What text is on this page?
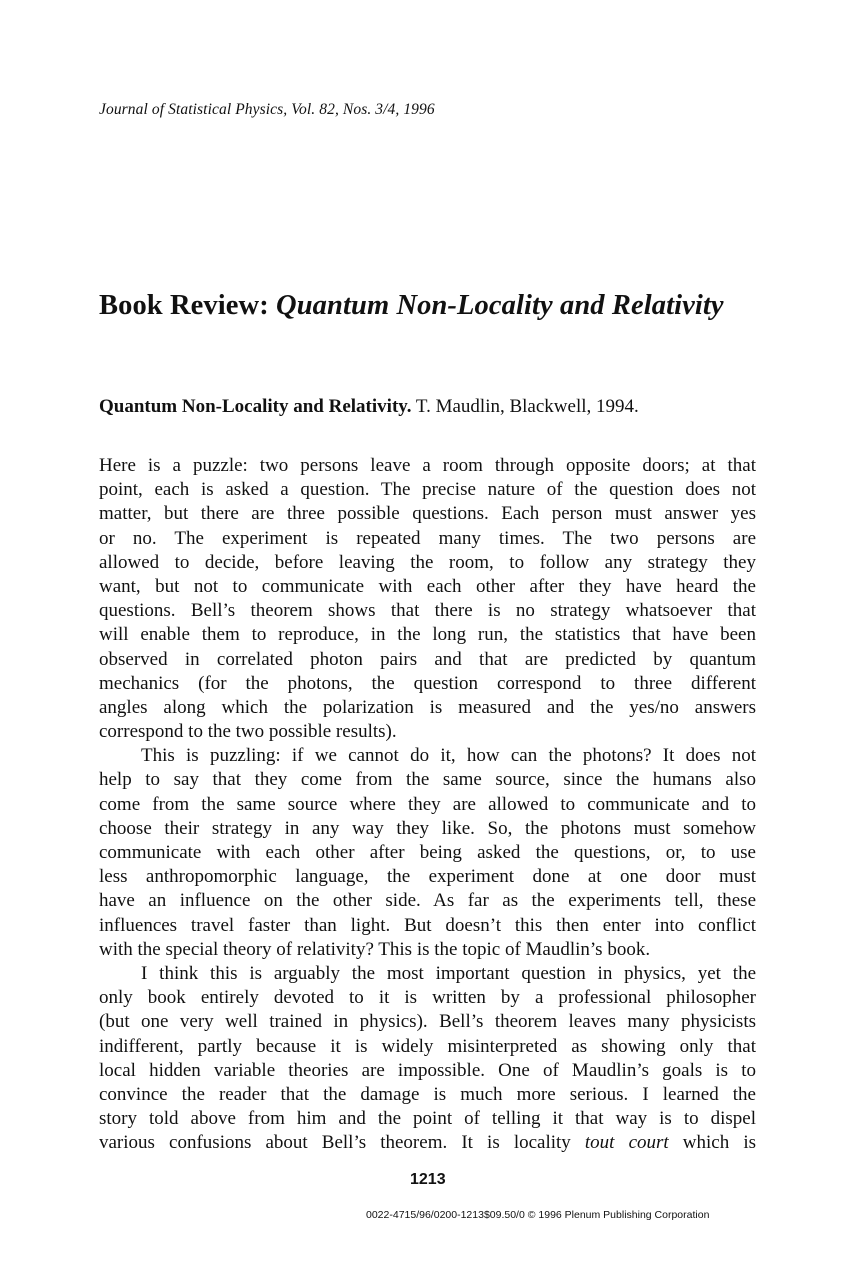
Journal of Statistical Physics, Vol. 82, Nos. 3/4, 1996
Book Review: Quantum Non-Locality and Relativity

Quantum Non-Locality and Relativity. T. Maudlin, Blackwell, 1994.

Here is a puzzle: two persons leave a room through opposite doors; at that
point, each is asked a question. The precise nature of the question does not
matter, but there are three possible questions. Each person must answer yes
or no. The experiment is repeated many times. The two persons are
allowed to decide, before leaving the room, to follow any strategy they
want, but not to communicate with each other after they have heard the
questions. Bell’s theorem shows that there is no strategy whatsoever that
will enable them to reproduce, in the long run, the statistics that have been
observed in correlated photon pairs and that are predicted by quantum
mechanics (for the photons, the question correspond to three different
angles along which the polarization is measured and the yes/no answers
correspond to the two possible results).
This is puzzling: if we cannot do it, how can the photons? It does not
help to say that they come from the same source, since the humans also
come from the same source where they are allowed to communicate and to
choose their strategy in any way they like. So, the photons must somehow
communicate with each other after being asked the questions, or, to use
less anthropomorphic language, the experiment done at one door must
have an influence on the other side. As far as the experiments tell, these
influences travel faster than light. But doesn’t this then enter into conflict
with the special theory of relativity? This is the topic of Maudlin’s book.
I think this is arguably the most important question in physics, yet the
only book entirely devoted to it is written by a professional philosopher
(but one very well trained in physics). Bell’s theorem leaves many physicists
indifferent, partly because it is widely misinterpreted as showing only that
local hidden variable theories are impossible. One of Maudlin’s goals is to
convince the reader that the damage is much more serious. I learned the
story told above from him and the point of telling it that way is to dispel
various confusions about Bell’s theorem. It is locality tout court which is
1213
0022-4715/96/0200-1213$09.50/0 © 1996 Plenum Publishing Corporation
